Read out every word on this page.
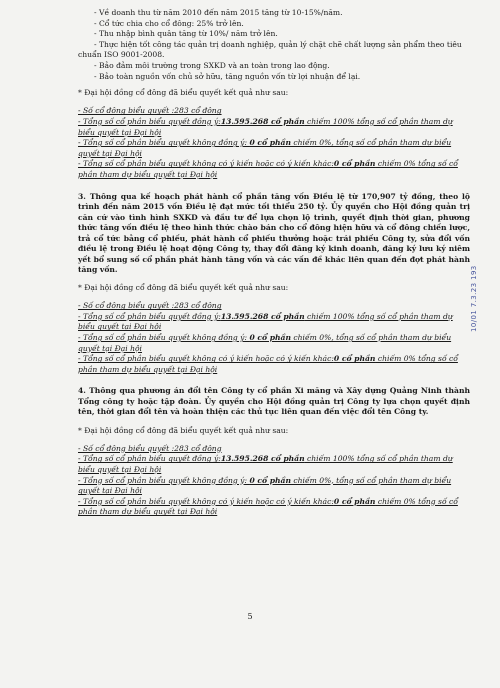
- Về doanh thu từ năm 2010 đến năm 2015 tăng từ 10-15%/năm.

- Cổ tức chia cho cổ đông: 25% trở lên.

- Thu nhập bình quân tăng từ 10%/ năm trở lên.

- Thực hiện tốt công tác quản trị doanh nghiệp, quản lý chặt chẽ chất lượng sản phẩm theo tiêu chuẩn ISO 9001-2008.

- Bảo đảm môi trường trong SXKD và an toàn trong lao động.

- Bảo toàn nguồn vốn chủ sở hữu, tăng nguồn vốn từ lợi nhuận để lại.

* Đại hội đồng cổ đông đã biểu quyết kết quả như sau:

- Số cổ đông biểu quyết :283 cổ đông

- Tổng số cổ phần biểu quyết đồng ý:13.595.268 cổ phần chiếm 100% tổng số cổ phần tham dự biểu quyết tại Đại hội

- Tổng số cổ phần biểu quyết không đồng ý: 0 cổ phần chiếm 0%, tổng số cổ phần tham dự biểu quyết tại Đại hội

- Tổng số cổ phần biểu quyết không có ý kiến hoặc có ý kiến khác:0 cổ phần chiếm 0% tổng số cổ phần tham dự biểu quyết tại Đại hội

3. Thông qua kế hoạch phát hành cổ phần tăng vốn Điều lệ từ 170,907 tỷ đồng, theo lộ trình đến năm 2015 vốn Điều lệ đạt mức tối thiểu 250 tỷ. Ủy quyền cho Hội đồng quản trị căn cứ vào tình hình SXKD và đầu tư để lựa chọn lộ trình, quyết định thời gian, phương thức tăng vốn điều lệ theo hình thức chào bán cho cổ đông hiện hữu và cổ đông chiến lược, trả cổ tức bằng cổ phiếu, phát hành cổ phiếu thưởng hoặc trái phiếu Công ty, sửa đổi vốn điều lệ trong Điều lệ hoạt động Công ty, thay đổi đăng ký kinh doanh, đăng ký lưu ký niêm yết bổ sung số cổ phần phát hành tăng vốn và các vấn đề khác liên quan đến đợt phát hành tăng vốn.

* Đại hội đồng cổ đông đã biểu quyết kết quả như sau:

- Số cổ đông biểu quyết :283 cổ đông

- Tổng số cổ phần biểu quyết đồng ý:13.595.268 cổ phần chiếm 100% tổng số cổ phần tham dự biểu quyết tại Đại hội

- Tổng số cổ phần biểu quyết không đồng ý: 0 cổ phần chiếm 0%, tổng số cổ phần tham dự biểu quyết tại Đại hội

- Tổng số cổ phần biểu quyết không có ý kiến hoặc có ý kiến khác:0 cổ phần chiếm 0% tổng số cổ phần tham dự biểu quyết tại Đại hội

4. Thông qua phương án đổi tên Công ty cổ phần Xi măng và Xây dựng Quảng Ninh thành Tổng công ty hoặc tập đoàn. Ủy quyền cho Hội đồng quản trị Công ty lựa chọn quyết định tên, thời gian đổi tên và hoàn thiện các thủ tục liên quan đến việc đổi tên Công ty.

* Đại hội đồng cổ đông đã biểu quyết kết quả như sau:

- Số cổ đông biểu quyết :283 cổ đông

- Tổng số cổ phần biểu quyết đồng ý:13.595.268 cổ phần chiếm 100% tổng số cổ phần tham dự biểu quyết tại Đại hội

- Tổng số cổ phần biểu quyết không đồng ý: 0 cổ phần chiếm 0%, tổng số cổ phần tham dự biểu quyết tại Đại hội

- Tổng số cổ phần biểu quyết không có ý kiến hoặc có ý kiến khác:0 cổ phần chiếm 0% tổng số cổ phần tham dự biểu quyết tại Đại hội

10/01 7.3.23 193
5
